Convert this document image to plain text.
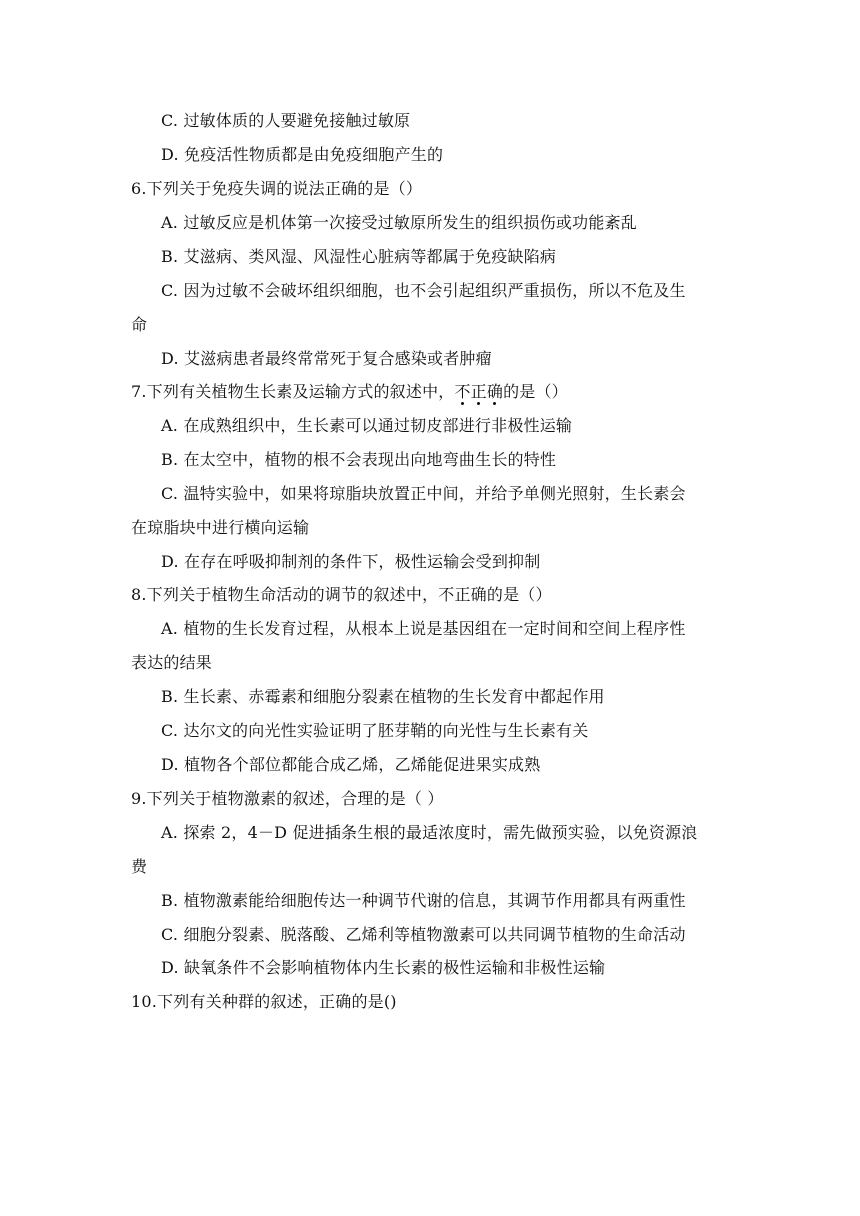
C. 过敏体质的人要避免接触过敏原
D. 免疫活性物质都是由免疫细胞产生的
6.下列关于免疫失调的说法正确的是（）
A. 过敏反应是机体第一次接受过敏原所发生的组织损伤或功能紊乱
B. 艾滋病、类风湿、风湿性心脏病等都属于免疫缺陷病
C. 因为过敏不会破坏组织细胞，也不会引起组织严重损伤，所以不危及生
命
D. 艾滋病患者最终常常死于复合感染或者肿瘤
7.下列有关植物生长素及运输方式的叙述中，不正确的是（）
A. 在成熟组织中，生长素可以通过韧皮部进行非极性运输
B. 在太空中，植物的根不会表现出向地弯曲生长的特性
C. 温特实验中，如果将琼脂块放置正中间，并给予单侧光照射，生长素会
在琼脂块中进行横向运输
D. 在存在呼吸抑制剂的条件下，极性运输会受到抑制
8.下列关于植物生命活动的调节的叙述中，不正确的是（）
A. 植物的生长发育过程，从根本上说是基因组在一定时间和空间上程序性
表达的结果
B. 生长素、赤霉素和细胞分裂素在植物的生长发育中都起作用
C. 达尔文的向光性实验证明了胚芽鞘的向光性与生长素有关
D. 植物各个部位都能合成乙烯，乙烯能促进果实成熟
9.下列关于植物激素的叙述，合理的是（ ）
A. 探索 2，4－D 促进插条生根的最适浓度时，需先做预实验，以免资源浪
费
B. 植物激素能给细胞传达一种调节代谢的信息，其调节作用都具有两重性
C. 细胞分裂素、脱落酸、乙烯利等植物激素可以共同调节植物的生命活动
D. 缺氧条件不会影响植物体内生长素的极性运输和非极性运输
10.下列有关种群的叙述，正确的是()
